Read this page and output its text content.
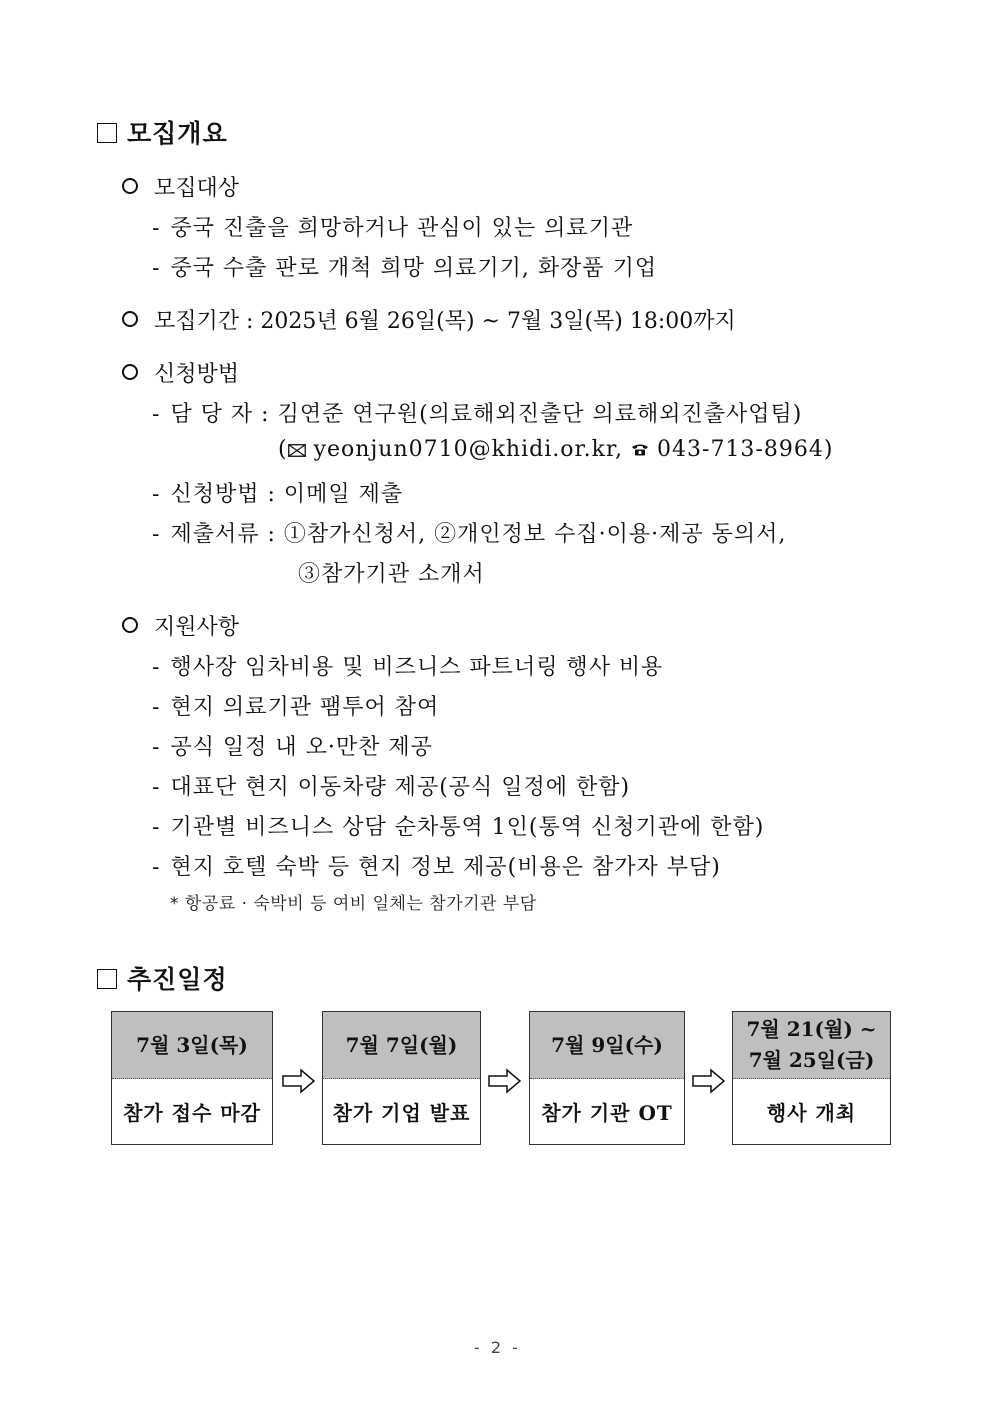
모집개요
모집대상
- 중국 진출을 희망하거나 관심이 있는 의료기관
- 중국 수출 판로 개척 희망 의료기기, 화장품 기업
모집기간 : 2025년 6월 26일(목) ~ 7월 3일(목) 18:00까지
신청방법
- 담 당 자 : 김연준 연구원(의료해외진출단 의료해외진출사업팀)
( yeonjun0710@khidi.or.kr, 043-713-8964)
- 신청방법 : 이메일 제출
- 제출서류 : ①참가신청서, ②개인정보 수집·이용·제공 동의서,
③참가기관 소개서
지원사항
- 행사장 임차비용 및 비즈니스 파트너링 행사 비용
- 현지 의료기관 팸투어 참여
- 공식 일정 내 오·만찬 제공
- 대표단 현지 이동차량 제공(공식 일정에 한함)
- 기관별 비즈니스 상담 순차통역 1인(통역 신청기관에 한함)
- 현지 호텔 숙박 등 현지 정보 제공(비용은 참가자 부담)
* 항공료 · 숙박비 등 여비 일체는 참가기관 부담
추진일정
7월 3일(목)
참가 접수 마감
7월 7일(월)
참가 기업 발표
7월 9일(수)
참가 기관 OT
7월 21(월) ~
7월 25일(금)
행사 개최
- 2 -
